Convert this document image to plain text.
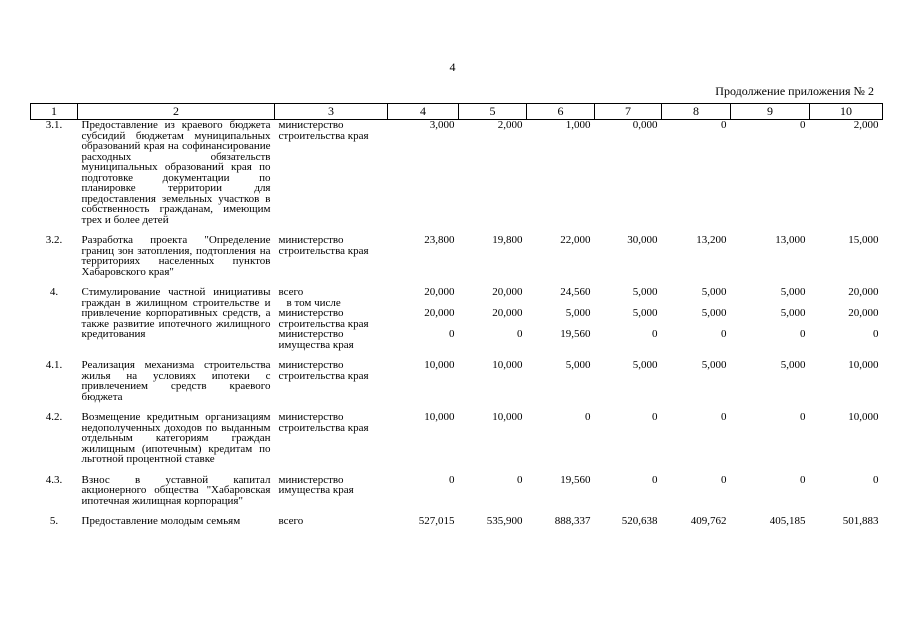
4
Продолжение приложения № 2
1	2	3	4	5	6	7	8	9	10
3.1.	Предоставление из краевого бюджета субсидий бюджетам муниципальных образований края на софинансирование расходных обязательств муниципальных образований края по подготовке документации по планировке территории для предоставления земельных участков в собственность гражданам, имеющим трех и более детей	министерство строительства края	3,000	2,000	1,000	0,000	0	0	2,000
3.2.	Разработка проекта "Определение границ зон затопления, подтопления на территориях населенных пунктов Хабаровского края"	министерство строительства края	23,800	19,800	22,000	30,000	13,200	13,000	15,000
4.	Стимулирование частной инициативы граждан в жилищном строительстве и привлечение корпоративных средств, а также развитие ипотечного жилищного кредитования	всего	20,000	20,000	24,560	5,000	5,000	5,000	20,000
		в том числе							
		министерство строительства края	20,000	20,000	5,000	5,000	5,000	5,000	20,000
		министерство имущества края	0	0	19,560	0	0	0	0
4.1.	Реализация механизма строительства жилья на условиях ипотеки с привлечением средств краевого бюджета	министерство строительства края	10,000	10,000	5,000	5,000	5,000	5,000	10,000
4.2.	Возмещение кредитным организациям недополученных доходов по выданным отдельным категориям граждан жилищным (ипотечным) кредитам по льготной процентной ставке	министерство строительства края	10,000	10,000	0	0	0	0	10,000
4.3.	Взнос в уставной капитал акционерного общества "Хабаровская ипотечная жилищная корпорация"	министерство имущества края	0	0	19,560	0	0	0	0
5.	Предоставление молодым семьям	всего	527,015	535,900	888,337	520,638	409,762	405,185	501,883
